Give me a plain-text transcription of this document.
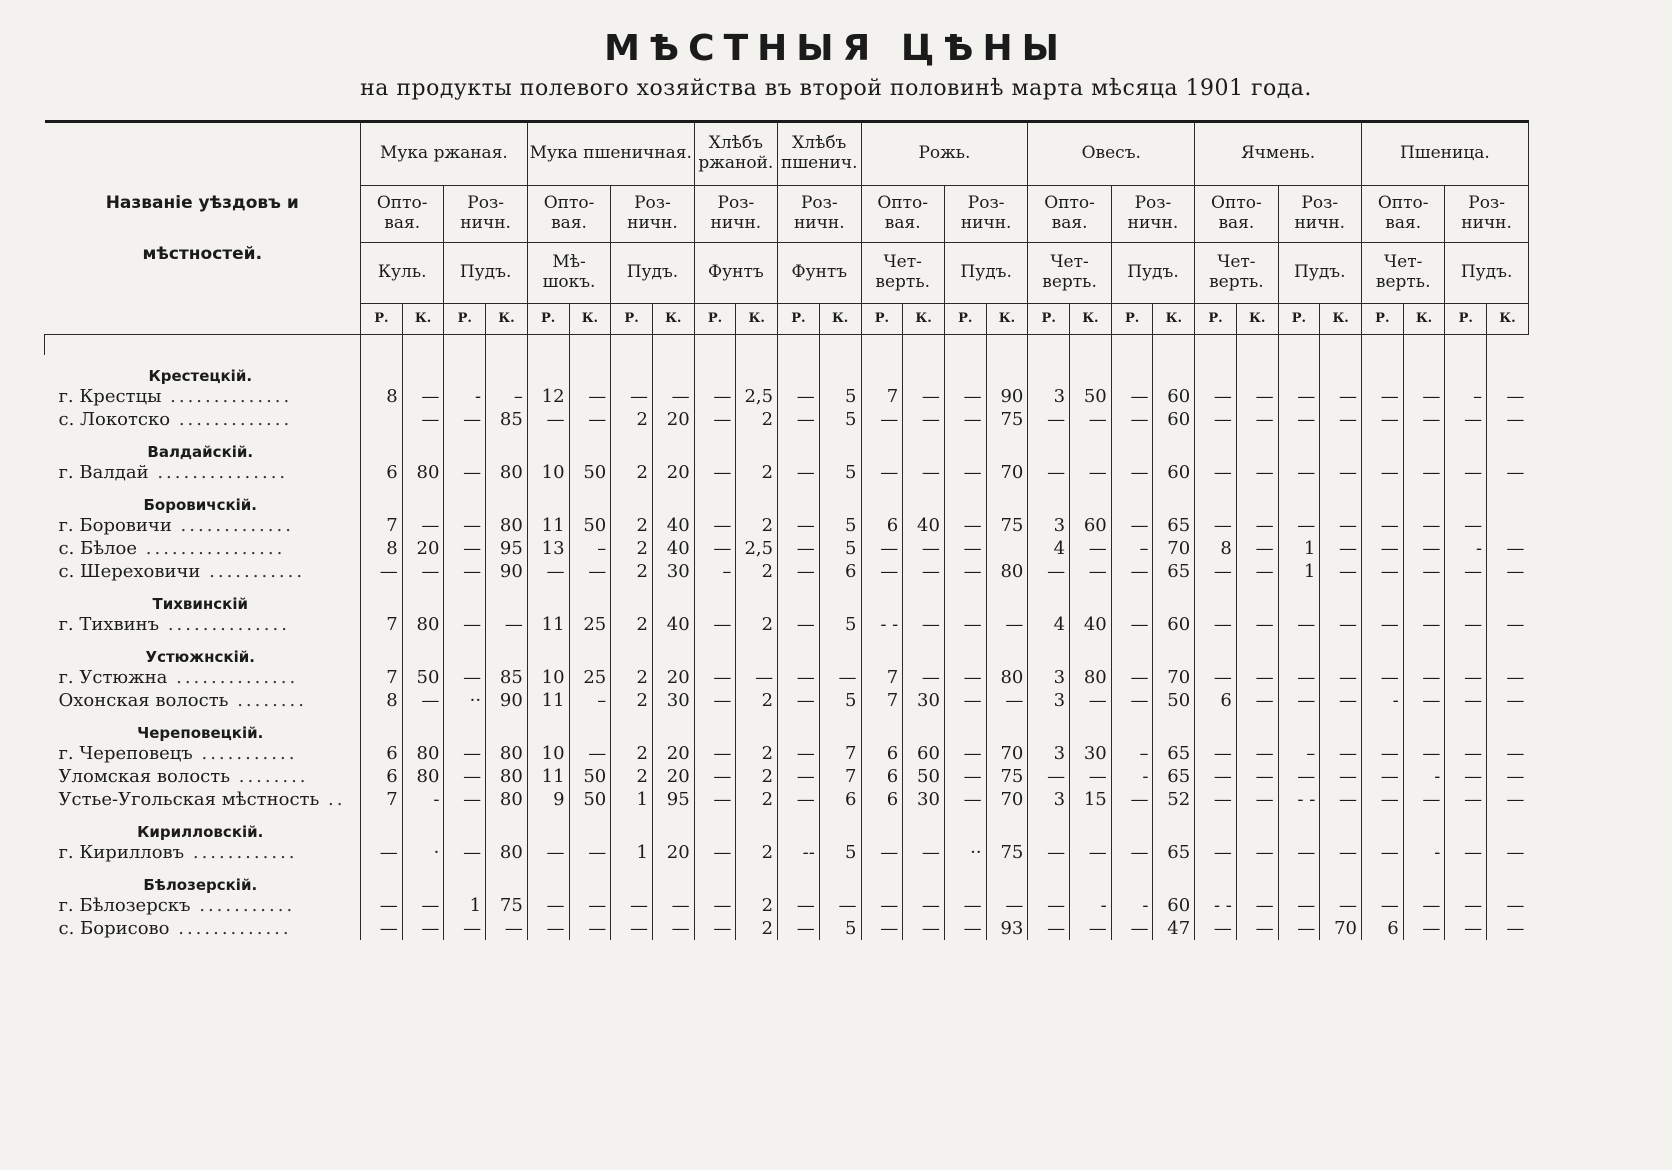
МѢСТНЫЯ ЦѢНЫ
на продукты полевого хозяйства въ второй половинѣ марта мѣсяца 1901 года.
Названіе уѣздовъ и мѣстностей.	Мука ржаная.				Мука пшеничная.				Хлѣбъ ржаной.		Хлѣбъ пшенич.		Рожь.				Овесъ.				Ячмень.				Пшеница.			
	Опто-вая.		Роз-ничн.		Опто-вая.		Роз-ничн.		Роз-ничн.		Роз-ничн.		Опто-вая.		Роз-ничн.		Опто-вая.		Роз-ничн.		Опто-вая.		Роз-ничн.		Опто-вая.		Роз-ничн.	
	Куль.		Пудъ.		Мѣ-шокъ.		Пудъ.		Фунтъ		Фунтъ		Чет-верть.		Пудъ.		Чет-верть.		Пудъ.		Чет-верть.		Пудъ.		Чет-верть.		Пудъ.	
	Р.	К.	Р.	К.	Р.	К.	Р.	К.	Р.	К.	Р.	К.	Р.	К.	Р.	К.	Р.	К.	Р.	К.	Р.	К.	Р.	К.	Р.	К.	Р.	К.

Крестецкій.																												
г. Крестцы ..............	8	—	-	–	12	—	—	—	—	2,5	—	5	7	—	—	90	3	50	—	60	—	—	—	—	—	—	–	—
с. Локотско .............		—	—	85	—	—	2	20	—	2	—	5	—	—	—	75	—	—	—	60	—	—	—	—	—	—	—	—
Валдайскій.																												
г. Валдай ...............	6	80	—	80	10	50	2	20	—	2	—	5	—	—	—	70	—	—	—	60	—	—	—	—	—	—	—	—
Боровичскій.																												
г. Боровичи .............	7	—	—	80	11	50	2	40	—	2	—	5	6	40	—	75	3	60	—	65	—	—	—	—	—	—	—	
с. Бѣлое ................	8	20	—	95	13	–	2	40	—	2,5	—	5	—	—	—		4	—	–	70	8	—	1	—	—	—	-	—
с. Шереховичи ...........	—	—	—	90	—	—	2	30	–	2	—	6	—	—	—	80	—	—	—	65	—	—	1	—	—	—	—	—
Тихвинскій																												
г. Тихвинъ ..............	7	80	—	—	11	25	2	40	—	2	—	5	- -	—	—	—	4	40	—	60	—	—	—	—	—	—	—	—
Устюжнскій.																												
г. Устюжна ..............	7	50	—	85	10	25	2	20	—	—	—	—	7	—	—	80	3	80	—	70	—	—	—	—	—	—	—	—
Охонская волость ........	8	—	··	90	11	–	2	30	—	2	—	5	7	30	—	—	3	—	—	50	6	—	—	—	-	—	—	—
Череповецкій.																												
г. Череповецъ ...........	6	80	—	80	10	—	2	20	—	2	—	7	6	60	—	70	3	30	–	65	—	—	–	—	—	—	—	—
Уломская волость ........	6	80	—	80	11	50	2	20	—	2	—	7	6	50	—	75	—	—	-	65	—	—	—	—	—	-	—	—
Устье-Угольская мѣстность ..	7	-	—	80	9	50	1	95	—	2	—	6	6	30	—	70	3	15	—	52	—	—	- -	—	—	—	—	—
Кирилловскій.																												
г. Кирилловъ ............	—	·	—	80	—	—	1	20	—	2	--	5	—	—	··	75	—	—	—	65	—	—	—	—	—	-	—	—
Бѣлозерскій.																												
г. Бѣлозерскъ ...........	—	—	1	75	—	—	—	—	—	2	—	—	—	—	—	—	—	-	-	60	- -	—	—	—	—	—	—	—
с. Борисово .............	—	—	—	—	—	—	—	—	—	2	—	5	—	—	—	93	—	—	—	47	—	—	—	70	6	—	—	—
